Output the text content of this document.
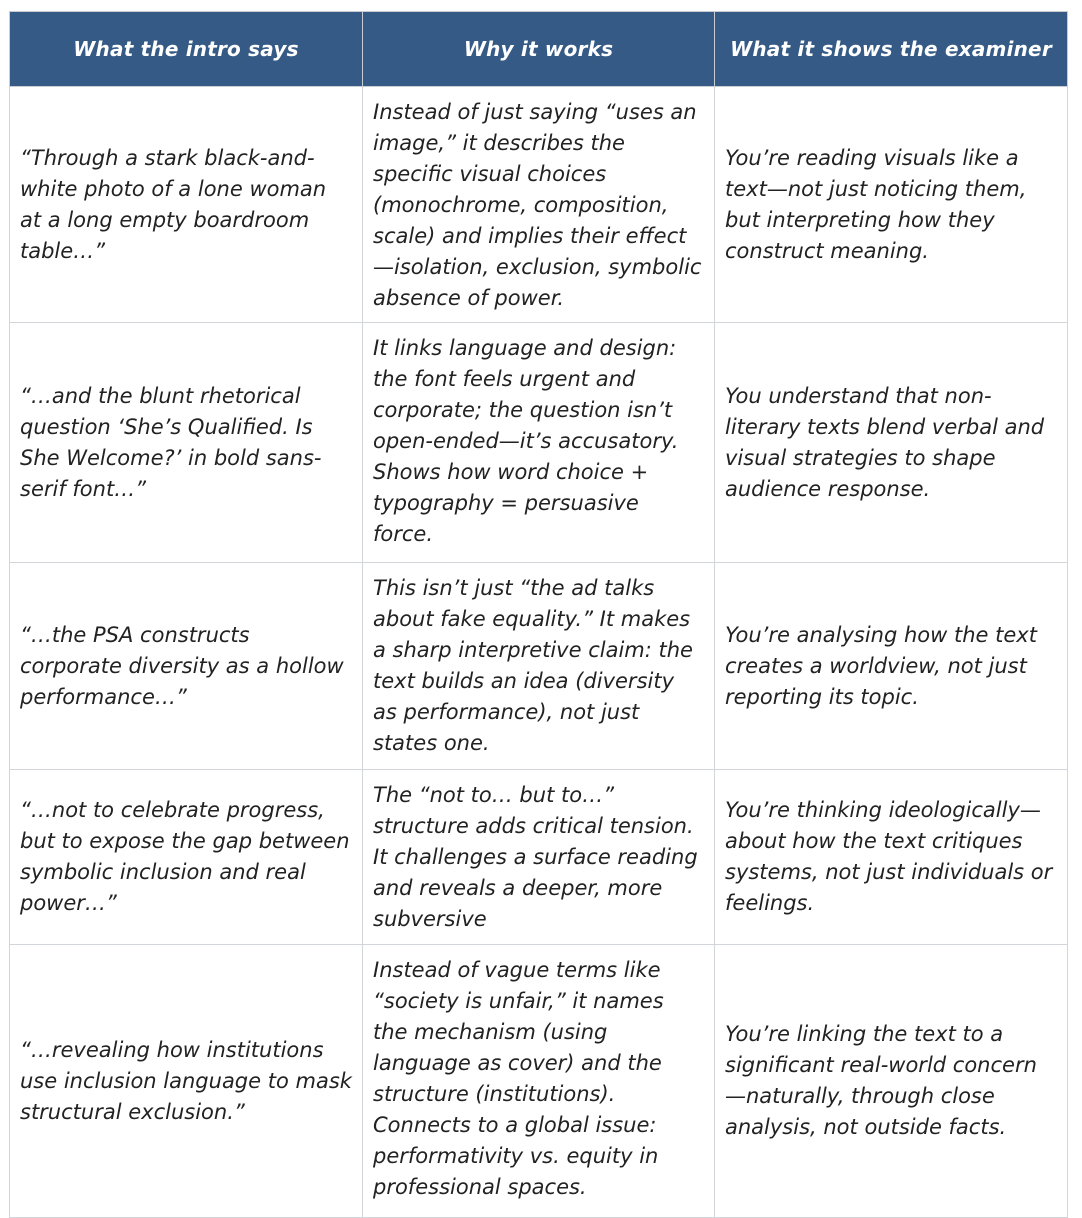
What the intro says	Why it works	What it shows the examiner
“Through a stark black-and-white photo of a lone woman at a long empty boardroom table…”	Instead of just saying “uses an image,” it describes the specific visual choices (monochrome, composition, scale) and implies their effect—isolation, exclusion, symbolic absence of power.	You’re reading visuals like a text—not just noticing them, but interpreting how they construct meaning.
“…and the blunt rhetorical question ‘She’s Qualified. Is She Welcome?’ in bold sans-serif font…”	It links language and design: the font feels urgent and corporate; the question isn’t open-ended—it’s accusatory. Shows how word choice + typography = persuasive force.	You understand that non-literary texts blend verbal and visual strategies to shape audience response.
“…the PSA constructs corporate diversity as a hollow performance…”	This isn’t just “the ad talks about fake equality.” It makes a sharp interpretive claim: the text builds an idea (diversity as performance), not just states one.	You’re analysing how the text creates a worldview, not just reporting its topic.
“…not to celebrate progress, but to expose the gap between symbolic inclusion and real power…”	The “not to… but to…” structure adds critical tension. It challenges a surface reading and reveals a deeper, more subversive	You’re thinking ideologically—about how the text critiques systems, not just individuals or feelings.
“…revealing how institutions use inclusion language to mask structural exclusion.”	Instead of vague terms like “society is unfair,” it names the mechanism (using language as cover) and the structure (institutions). Connects to a global issue: performativity vs. equity in professional spaces.	You’re linking the text to a significant real-world concern—naturally, through close analysis, not outside facts.
